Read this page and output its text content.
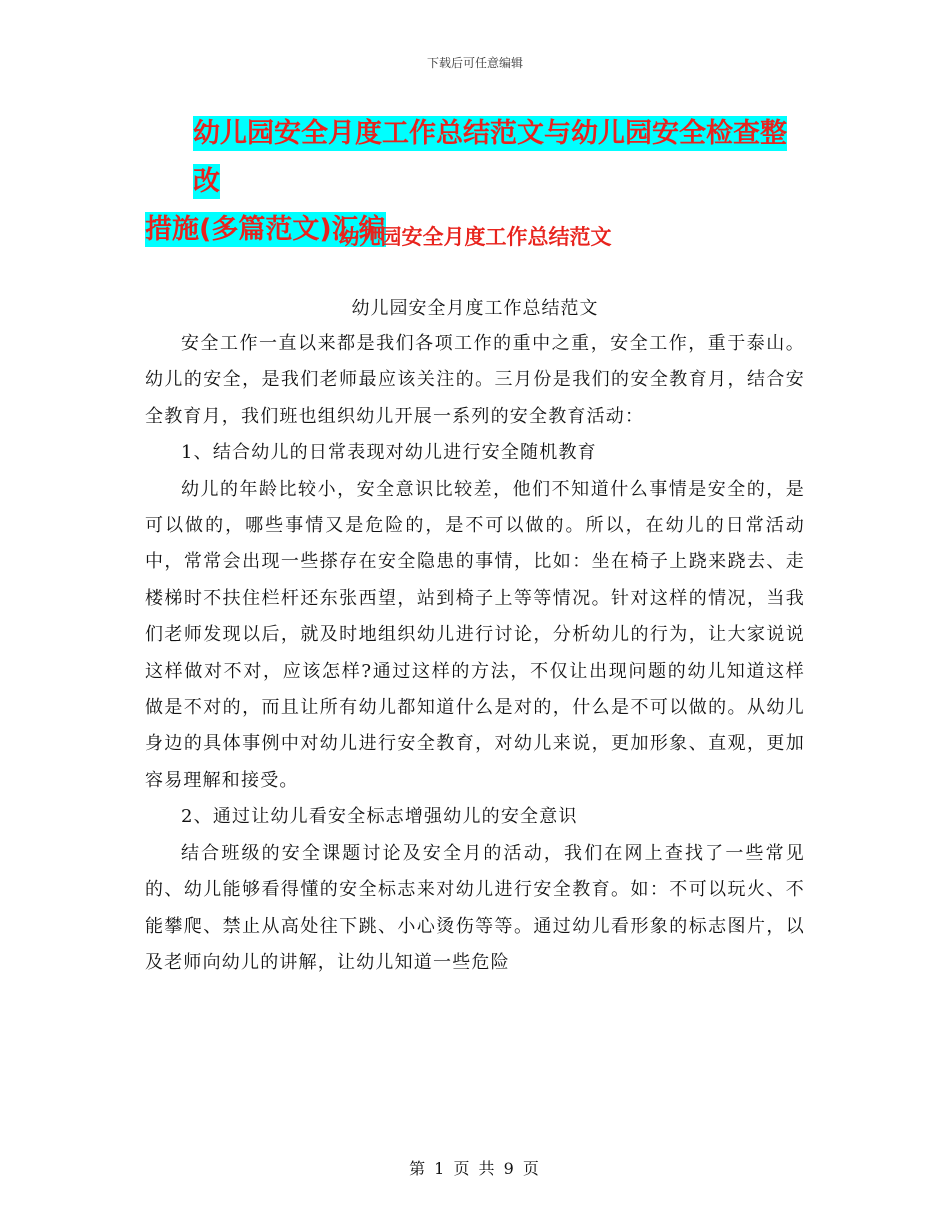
下载后可任意编辑
幼儿园安全月度工作总结范文与幼儿园安全检查整改
措施(多篇范文)汇编
幼儿园安全月度工作总结范文
幼儿园安全月度工作总结范文

安全工作一直以来都是我们各项工作的重中之重，安全工作，重于泰山。幼儿的安全，是我们老师最应该关注的。三月份是我们的安全教育月，结合安全教育月，我们班也组织幼儿开展一系列的安全教育活动：

1、结合幼儿的日常表现对幼儿进行安全随机教育

幼儿的年龄比较小，安全意识比较差，他们不知道什么事情是安全的，是可以做的，哪些事情又是危险的，是不可以做的。所以，在幼儿的日常活动中，常常会出现一些搽存在安全隐患的事情，比如：坐在椅子上跷来跷去、走楼梯时不扶住栏杆还东张西望，站到椅子上等等情况。针对这样的情况，当我们老师发现以后，就及时地组织幼儿进行讨论，分析幼儿的行为，让大家说说这样做对不对，应该怎样?通过这样的方法，不仅让出现问题的幼儿知道这样做是不对的，而且让所有幼儿都知道什么是对的，什么是不可以做的。从幼儿身边的具体事例中对幼儿进行安全教育，对幼儿来说，更加形象、直观，更加容易理解和接受。

2、通过让幼儿看安全标志增强幼儿的安全意识

结合班级的安全课题讨论及安全月的活动，我们在网上查找了一些常见的、幼儿能够看得懂的安全标志来对幼儿进行安全教育。如：不可以玩火、不能攀爬、禁止从高处往下跳、小心烫伤等等。通过幼儿看形象的标志图片，以及老师向幼儿的讲解，让幼儿知道一些危险

第 1 页 共 9 页
